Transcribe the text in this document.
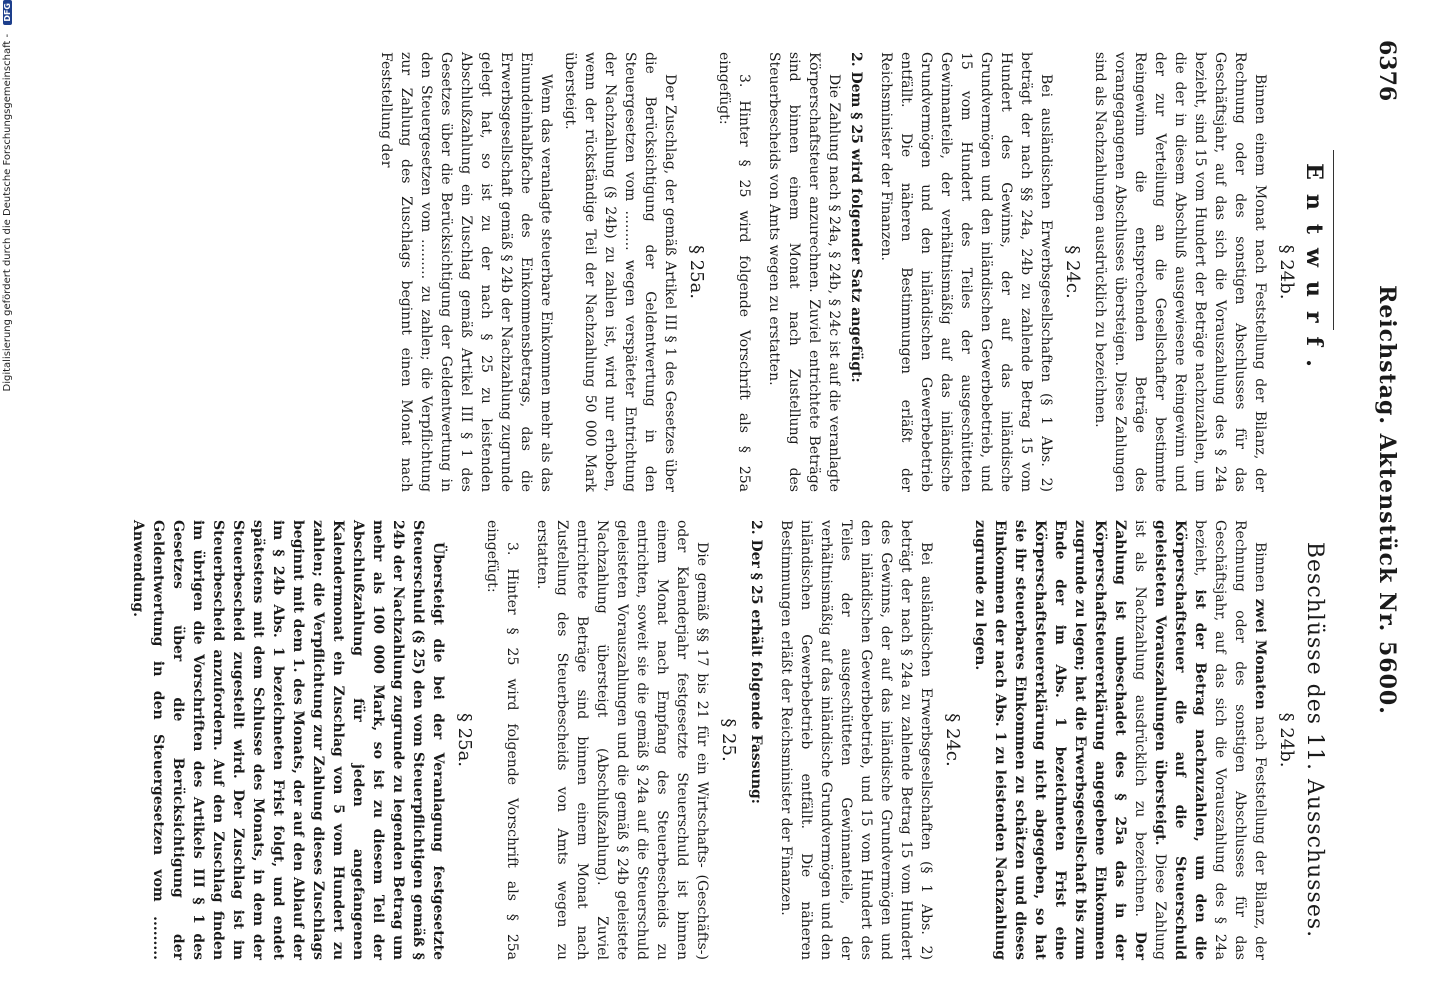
6376
Reichstag. Aktenstück Nr. 5600.
Entwurf.
§ 24b.

Binnen einem Monat nach Feststellung der Bilanz, der Rechnung oder des sonstigen Abschlusses für das Geschäftsjahr, auf das sich die Vorauszahlung des § 24a bezieht, sind 15 vom Hundert der Beträge nachzuzahlen, um die der in diesem Abschluß ausgewiesene Reingewinn und der zur Verteilung an die Gesellschafter bestimmte Reingewinn die entsprechenden Beträge des vorangegangenen Abschlusses übersteigen. Diese Zahlungen sind als Nachzahlungen ausdrücklich zu bezeichnen.

§ 24c.

Bei ausländischen Erwerbsgesellschaften (§ 1 Abs. 2) beträgt der nach §§ 24a, 24b zu zahlende Betrag 15 vom Hundert des Gewinns, der auf das inländische Grundvermögen und den inländischen Gewerbebetrieb, und 15 vom Hundert des Teiles der ausgeschütteten Gewinnanteile, der verhältnismäßig auf das inländische Grundvermögen und den inländischen Gewerbebetrieb entfällt. Die näheren Bestimmungen erläßt der Reichsminister der Finanzen.

2. Dem § 25 wird folgender Satz angefügt:

Die Zahlung nach § 24a, § 24b, § 24c ist auf die veranlagte Körperschaftsteuer anzurechnen. Zuviel entrichtete Beträge sind binnen einem Monat nach Zustellung des Steuerbescheids von Amts wegen zu erstatten.

3. Hinter § 25 wird folgende Vorschrift als § 25a eingefügt:

§ 25a.

Der Zuschlag, der gemäß Artikel III § 1 des Gesetzes über die Berücksichtigung der Geldentwertung in den Steuergesetzen vom ......... wegen verspäteter Entrichtung der Nachzahlung (§ 24b) zu zahlen ist, wird nur erhoben, wenn der rückständige Teil der Nachzahlung 50 000 Mark übersteigt.

Wenn das veranlagte steuerbare Einkommen mehr als das Einundeinhalbfache des Einkommensbetrags, das die Erwerbsgesellschaft gemäß § 24b der Nachzahlung zugrunde gelegt hat, so ist zu der nach § 25 zu leistenden Abschlußzahlung ein Zuschlag gemäß Artikel III § 1 des Gesetzes über die Berücksichtigung der Geldentwertung in den Steuergesetzen vom ......... zu zahlen; die Verpflichtung zur Zahlung des Zuschlags beginnt einen Monat nach Feststellung der

Beschlüsse des 11. Ausschusses.
§ 24b.

Binnen zwei Monaten nach Feststellung der Bilanz, der Rechnung oder des sonstigen Abschlusses für das Geschäftsjahr, auf das sich die Vorauszahlung des § 24a bezieht, ist der Betrag nachzuzahlen, um den die Körperschaftsteuer die auf die Steuerschuld geleisteten Vorauszahlungen übersteigt. Diese Zahlung ist als Nachzahlung ausdrücklich zu bezeichnen. Der Zahlung ist unbeschadet des § 25a das in der Körperschaftsteuererklärung angegebene Einkommen zugrunde zu legen; hat die Erwerbsgesellschaft bis zum Ende der im Abs. 1 bezeichneten Frist eine Körperschaftsteuererklärung nicht abgegeben, so hat sie ihr steuerbares Einkommen zu schätzen und dieses Einkommen der nach Abs. 1 zu leistenden Nachzahlung zugrunde zu legen.

§ 24c.

Bei ausländischen Erwerbsgesellschaften (§ 1 Abs. 2) beträgt der nach § 24a zu zahlende Betrag 15 vom Hundert des Gewinns, der auf das inländische Grundvermögen und den inländischen Gewerbebetrieb, und 15 vom Hundert des Teiles der ausgeschütteten Gewinnanteile, der verhältnismäßig auf das inländische Grundvermögen und den inländischen Gewerbebetrieb entfällt. Die näheren Bestimmungen erläßt der Reichsminister der Finanzen.

2. Der § 25 erhält folgende Fassung:

§ 25.

Die gemäß §§ 17 bis 21 für ein Wirtschafts- (Geschäfts-) oder Kalenderjahr festgesetzte Steuerschuld ist binnen einem Monat nach Empfang des Steuerbescheids zu entrichten, soweit sie die gemäß § 24a auf die Steuerschuld geleisteten Vorauszahlungen und die gemäß § 24b geleistete Nachzahlung übersteigt (Abschlußzahlung). Zuviel entrichtete Beträge sind binnen einem Monat nach Zustellung des Steuerbescheids von Amts wegen zu erstatten.

3. Hinter § 25 wird folgende Vorschrift als § 25a eingefügt:

§ 25a.

Übersteigt die bei der Veranlagung festgesetzte Steuerschuld (§ 25) den vom Steuerpflichtigen gemäß § 24b der Nachzahlung zugrunde zu legenden Betrag um mehr als 100 000 Mark, so ist zu diesem Teil der Abschlußzahlung für jeden angefangenen Kalendermonat ein Zuschlag von 5 vom Hundert zu zahlen; die Verpflichtung zur Zahlung dieses Zuschlags beginnt mit dem 1. des Monats, der auf den Ablauf der im § 24b Abs. 1 bezeichneten Frist folgt, und endet spätestens mit dem Schlusse des Monats, in dem der Steuerbescheid zugestellt wird. Der Zuschlag ist im Steuerbescheid anzufordern. Auf den Zuschlag finden im übrigen die Vorschriften des Artikels III § 1 des Gesetzes über die Berücksichtigung der Geldentwertung in den Steuergesetzen vom ......... Anwendung.

Digitalisierung gefördert durch die Deutsche Forschungsgemeinschaft - DFG
